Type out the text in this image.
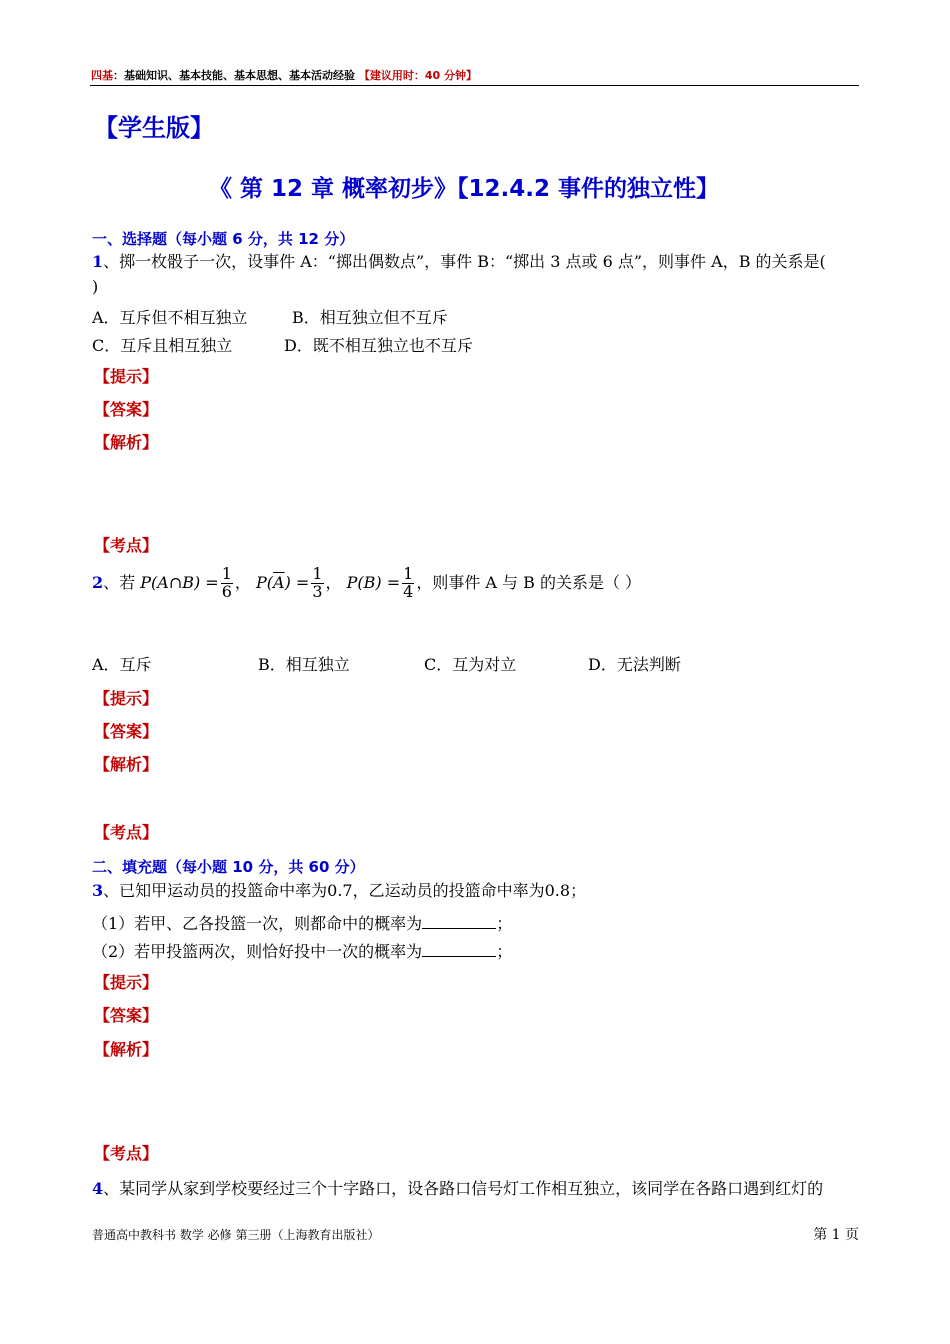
四基：基础知识、基本技能、基本思想、基本活动经验 【建议用时：40 分钟】
【学生版】
《 第 12 章 概率初步》【12.4.2 事件的独立性】
一、选择题（每小题 6 分，共 12 分）
1、掷一枚骰子一次，设事件 A：“掷出偶数点”，事件 B：“掷出 3 点或 6 点”，则事件 A，B 的关系是(
)
A．互斥但不相互独立	B．相互独立但不互斥
C．互斥且相互独立	D．既不相互独立也不互斥
【提示】
【答案】
【解析】
【考点】
2、若 P(A∩B) = $\frac{1}{6}$ ， $P(\overline{A}) = \frac{1}{3}$ ， $P(B) = \frac{1}{4}$ ，则事件 A 与 B 的关系是（ ）
A．互斥	B．相互独立	C．互为对立	D．无法判断
【提示】
【答案】
【解析】
【考点】
二、填充题（每小题 10 分，共 60 分）
3、已知甲运动员的投篮命中率为0.7，乙运动员的投篮命中率为0.8；
（1）若甲、乙各投篮一次，则都命中的概率为	；
（2）若甲投篮两次，则恰好投中一次的概率为	；
【提示】
【答案】
【解析】
【考点】
4、某同学从家到学校要经过三个十字路口，设各路口信号灯工作相互独立，该同学在各路口遇到红灯的
普通高中教科书 数学 必修 第三册（上海教育出版社）	第 1 页
